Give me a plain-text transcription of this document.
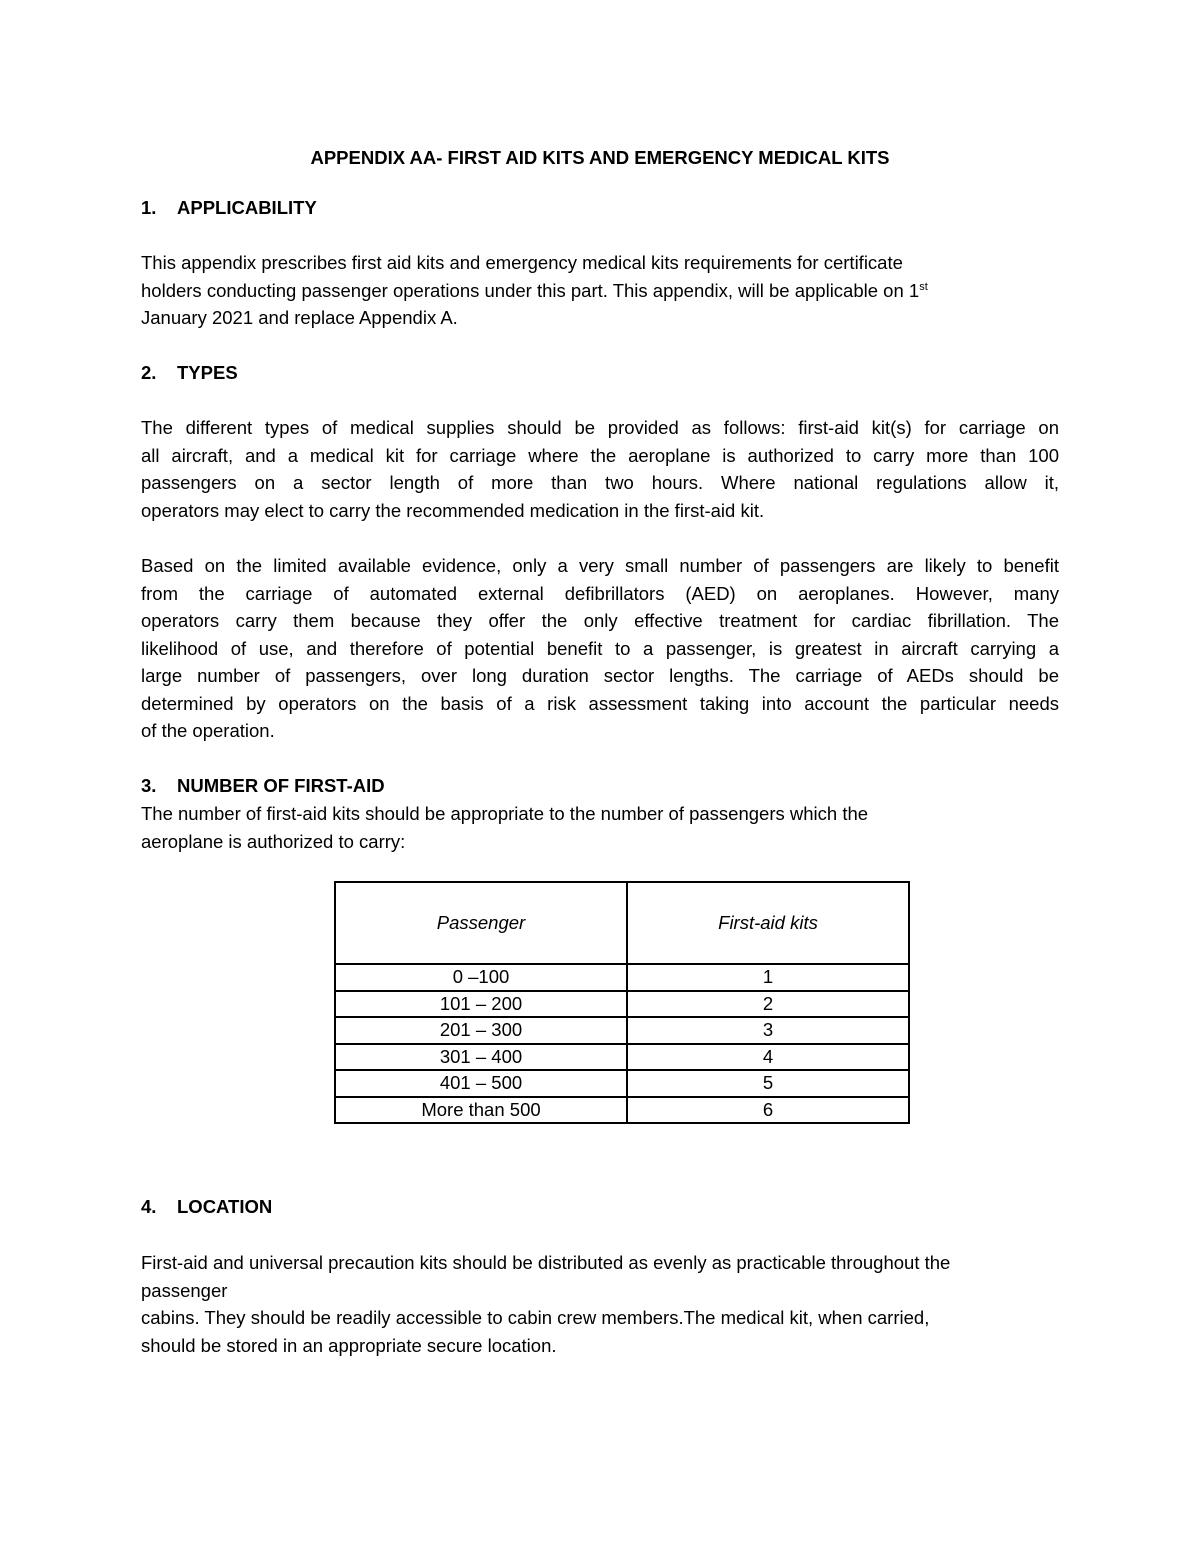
APPENDIX AA- FIRST AID KITS AND EMERGENCY MEDICAL KITS
1. APPLICABILITY
This appendix prescribes first aid kits and emergency medical kits requirements for certificate
holders conducting passenger operations under this part. This appendix, will be applicable on 1st
January 2021 and replace Appendix A.
2. TYPES
The different types of medical supplies should be provided as follows: first-aid kit(s) for carriage on
all aircraft, and a medical kit for carriage where the aeroplane is authorized to carry more than 100
passengers on a sector length of more than two hours. Where national regulations allow it,
operators may elect to carry the recommended medication in the first-aid kit.
Based on the limited available evidence, only a very small number of passengers are likely to benefit
from the carriage of automated external defibrillators (AED) on aeroplanes. However, many
operators carry them because they offer the only effective treatment for cardiac fibrillation. The
likelihood of use, and therefore of potential benefit to a passenger, is greatest in aircraft carrying a
large number of passengers, over long duration sector lengths. The carriage of AEDs should be
determined by operators on the basis of a risk assessment taking into account the particular needs
of the operation.
3. NUMBER OF FIRST-AID
The number of first-aid kits should be appropriate to the number of passengers which the
aeroplane is authorized to carry:
Passenger	First-aid kits
0 –100	1
101 – 200	2
201 – 300	3
301 – 400	4
401 – 500	5
More than 500	6
4. LOCATION
First-aid and universal precaution kits should be distributed as evenly as practicable throughout the
passenger
cabins. They should be readily accessible to cabin crew members.The medical kit, when carried,
should be stored in an appropriate secure location.
